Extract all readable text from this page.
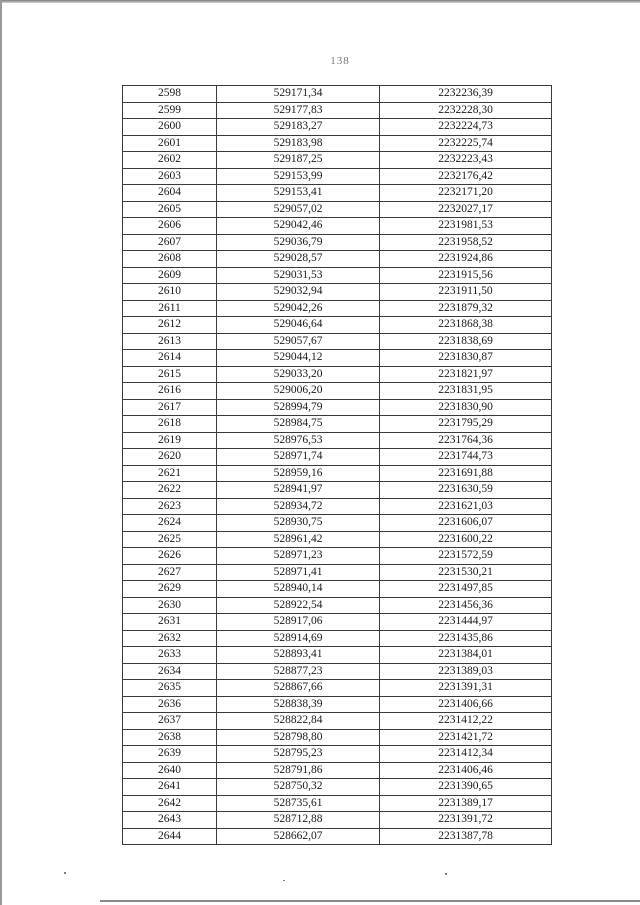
138
2598	529171,34	2232236,39
2599	529177,83	2232228,30
2600	529183,27	2232224,73
2601	529183,98	2232225,74
2602	529187,25	2232223,43
2603	529153,99	2232176,42
2604	529153,41	2232171,20
2605	529057,02	2232027,17
2606	529042,46	2231981,53
2607	529036,79	2231958,52
2608	529028,57	2231924,86
2609	529031,53	2231915,56
2610	529032,94	2231911,50
2611	529042,26	2231879,32
2612	529046,64	2231868,38
2613	529057,67	2231838,69
2614	529044,12	2231830,87
2615	529033,20	2231821,97
2616	529006,20	2231831,95
2617	528994,79	2231830,90
2618	528984,75	2231795,29
2619	528976,53	2231764,36
2620	528971,74	2231744,73
2621	528959,16	2231691,88
2622	528941,97	2231630,59
2623	528934,72	2231621,03
2624	528930,75	2231606,07
2625	528961,42	2231600,22
2626	528971,23	2231572,59
2627	528971,41	2231530,21
2629	528940,14	2231497,85
2630	528922,54	2231456,36
2631	528917,06	2231444,97
2632	528914,69	2231435,86
2633	528893,41	2231384,01
2634	528877,23	2231389,03
2635	528867,66	2231391,31
2636	528838,39	2231406,66
2637	528822,84	2231412,22
2638	528798,80	2231421,72
2639	528795,23	2231412,34
2640	528791,86	2231406,46
2641	528750,32	2231390,65
2642	528735,61	2231389,17
2643	528712,88	2231391,72
2644	528662,07	2231387,78
